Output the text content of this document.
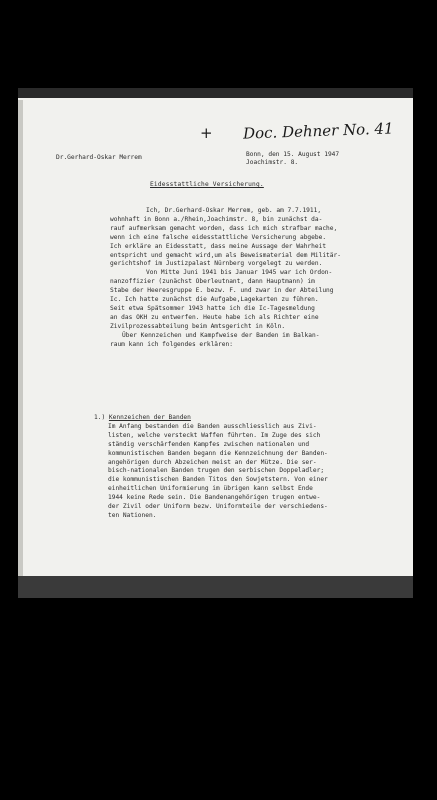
+ Doc. Dehner No. 41
Dr.Gerhard-Oskar Merrem	Bonn, den 15. August 1947
Joachimstr. 8.
Eidesstattliche Versicherung.
Ich, Dr.Gerhard-Oskar Merrem, geb. am 7.7.1911,
wohnhaft in Bonn a./Rhein,Joachimstr. 8, bin zunächst da-
rauf aufmerksam gemacht worden, dass ich mich strafbar mache,
wenn ich eine falsche eidesstattliche Versicherung abgebe.
Ich erkläre an Eidesstatt, dass meine Aussage der Wahrheit
entspricht und gemacht wird,um als Beweismaterial dem Militär-
gerichtshof im Justizpalast Nürnberg vorgelegt zu werden.
Von Mitte Juni 1941 bis Januar 1945 war ich Ordon-
nanzoffizier (zunächst Oberleutnant, dann Hauptmann) im
Stabe der Heeresgruppe E. bezw. F. und zwar in der Abteilung
Ic. Ich hatte zunächst die Aufgabe,Lagekarten zu führen.
Seit etwa Spätsommer 1943 hatte ich die Ic-Tagesmeldung
an das OKH zu entwerfen. Heute habe ich als Richter eine
Zivilprozessabteilung beim Amtsgericht in Köln.
Über Kennzeichen und Kampfweise der Banden im Balkan-
raum kann ich folgendes erklären:
1.) Kennzeichen der Banden
Im Anfang bestanden die Banden ausschliesslich aus Zivi-
listen, welche versteckt Waffen führten. Im Zuge des sich
ständig verschärfenden Kampfes zwischen nationalen und
kommunistischen Banden begann die Kennzeichnung der Banden-
angehörigen durch Abzeichen meist an der Mütze. Die ser-
bisch-nationalen Banden trugen den serbischen Doppeladler;
die kommunistischen Banden Titos den Sowjetstern. Von einer
einheitlichen Uniformierung im übrigen kann selbst Ende
1944 keine Rede sein. Die Bandenangehörigen trugen entwe-
der Zivil oder Uniform bezw. Uniformteile der verschiedens-
ten Nationen.
